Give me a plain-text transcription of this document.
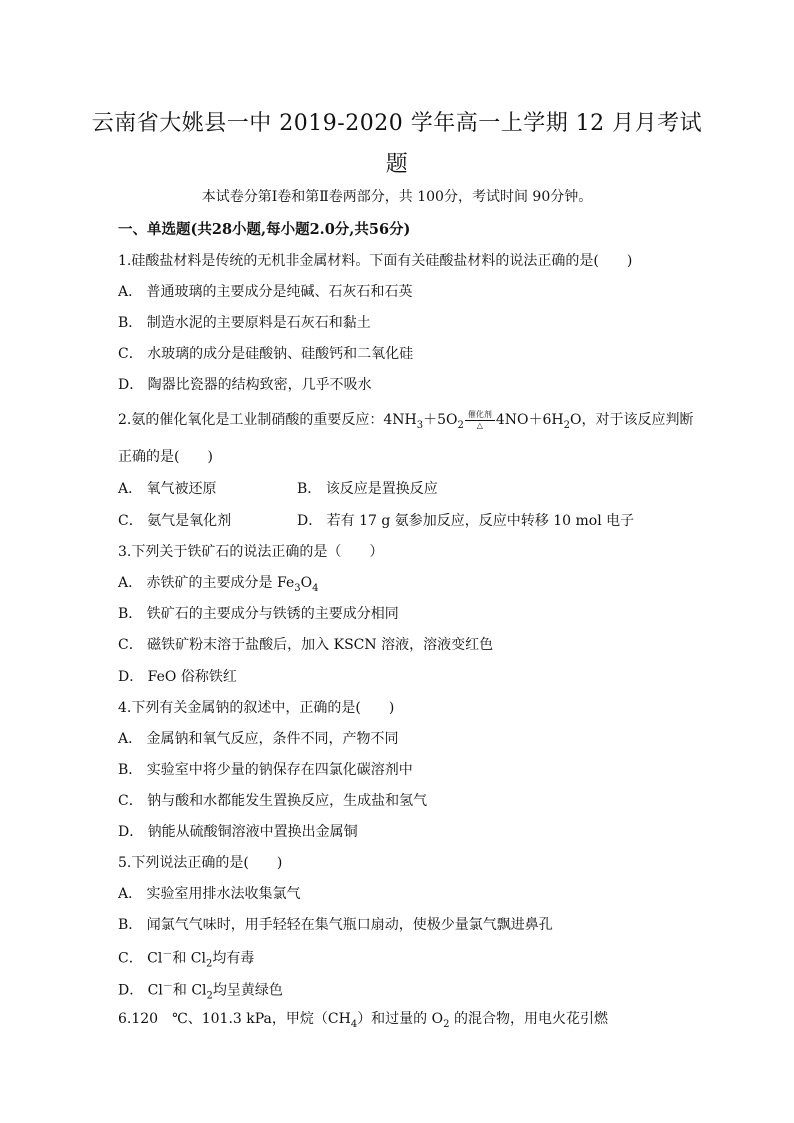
云南省大姚县一中 2019-2020 学年高一上学期 12 月月考试
题
本试卷分第Ⅰ卷和第Ⅱ卷两部分，共 100分，考试时间 90分钟。
一、单选题(共28小题,每小题2.0分,共56分)
1.硅酸盐材料是传统的无机非金属材料。下面有关硅酸盐材料的说法正确的是(　　)
A． 普通玻璃的主要成分是纯碱、石灰石和石英
B． 制造水泥的主要原料是石灰石和黏土
C． 水玻璃的成分是硅酸钠、硅酸钙和二氧化硅
D． 陶器比瓷器的结构致密，几乎不吸水
2.氨的催化氧化是工业制硝酸的重要反应：$4NH_3+5O_2$
催化剂
△ $4NO+6H_2O$，对于该反应判断
正确的是(　　)
A． 氧气被还原	B． 该反应是置换反应
C． 氨气是氧化剂	D． 若有 17 g 氨参加反应，反应中转移 10 mol 电子
3.下列关于铁矿石的说法正确的是（　　）
A． 赤铁矿的主要成分是 $Fe_3O_4$
B． 铁矿石的主要成分与铁锈的主要成分相同
C． 磁铁矿粉末溶于盐酸后，加入 KSCN 溶液，溶液变红色
D． FeO 俗称铁红
4.下列有关金属钠的叙述中，正确的是(　　)
A． 金属钠和氧气反应，条件不同，产物不同
B． 实验室中将少量的钠保存在四氯化碳溶剂中
C． 钠与酸和水都能发生置换反应，生成盐和氢气
D． 钠能从硫酸铜溶液中置换出金属铜
5.下列说法正确的是(　　)
A． 实验室用排水法收集氯气
B． 闻氯气气味时，用手轻轻在集气瓶口扇动，使极少量氯气飘进鼻孔
C． Cl－和 $Cl_2$均有毒
D． Cl－和 $Cl_2$均呈黄绿色
6.120　℃、101.3 kPa，甲烷$(CH_4)$和过量的 $O_2$ 的混合物，用电火花引燃
